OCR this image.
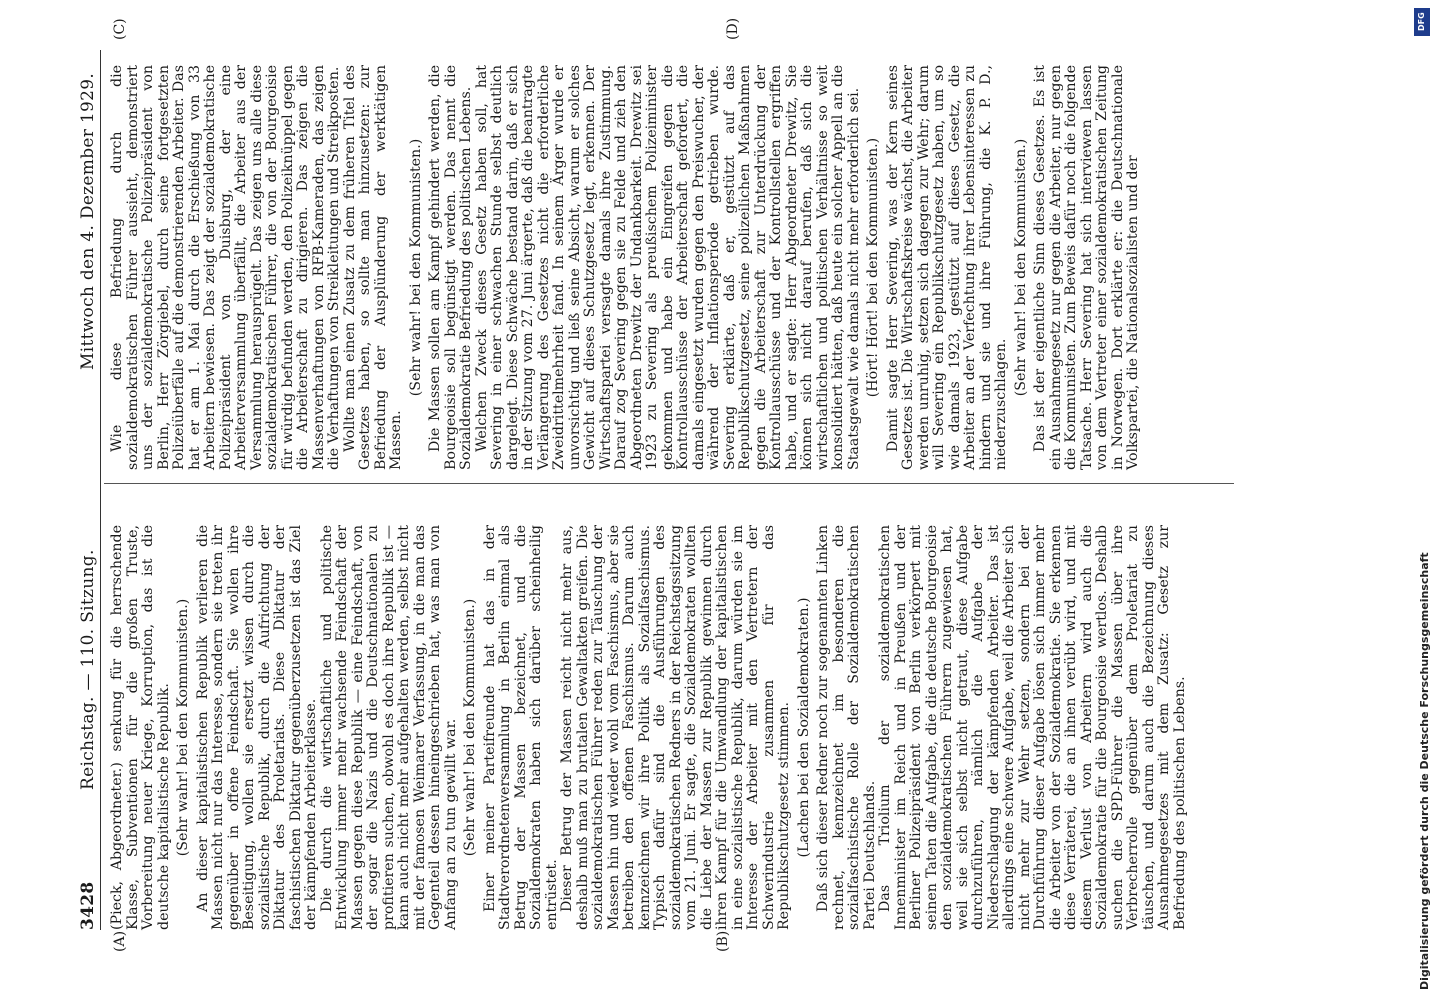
3428
Reichstag. — 110. Sitzung.
Mittwoch den 4. Dezember 1929.
(A)	(B)
(C)	(D)

(Pieck, Abgeordneter.) senkung für die herrschende Klasse, Subventionen für die großen Truste, Vorbereitung neuer Kriege, Korruption, das ist die deutsche kapitalistische Republik. (Sehr wahr! bei den Kommunisten.) An dieser kapitalistischen Republik verlieren die Massen nicht nur das Interesse, sondern sie treten ihr gegenüber in offene Feindschaft. Sie wollen ihre Beseitigung, wollen sie ersetzt wissen durch die sozialistische Republik, durch die Aufrichtung der Diktatur des Proletariats. Diese Diktatur der faschistischen Diktatur gegenüberzusetzen ist das Ziel der kämpfenden Arbeiterklasse. Die durch die wirtschaftliche und politische Entwicklung immer mehr wachsende Feindschaft der Massen gegen diese Republik — eine Feindschaft, von der sogar die Nazis und die Deutschnationalen zu profitieren suchen, obwohl es doch ihre Republik ist — kann auch nicht mehr aufgehalten werden, selbst nicht mit der famosen Weimarer Verfassung, in die man das Gegenteil dessen hineingeschrieben hat, was man von Anfang an zu tun gewillt war. (Sehr wahr! bei den Kommunisten.) Einer meiner Parteifreunde hat das in der Stadtverordnetenversammlung in Berlin einmal als Betrug der Massen bezeichnet, und die Sozialdemokraten haben sich darüber scheinheilig entrüstet. Dieser Betrug der Massen reicht nicht mehr aus, deshalb muß man zu brutalen Gewaltakten greifen. Die sozialdemokratischen Führer reden zur Täuschung der Massen hin und wieder wohl vom Faschismus, aber sie betreiben den offenen Faschismus. Darum auch kennzeichnen wir ihre Politik als Sozialfaschismus. Typisch dafür sind die Ausführungen des sozialdemokratischen Redners in der Reichstagssitzung vom 21. Juni. Er sagte, die Sozialdemokraten wollten die Liebe der Massen zur Republik gewinnen durch ihren Kampf für die Umwandlung der kapitalistischen in eine sozialistische Republik, darum würden sie im Interesse der Arbeiter mit den Vertretern der Schwerindustrie zusammen für das Republikschutzgesetz stimmen. (Lachen bei den Sozialdemokraten.) Daß sich dieser Redner noch zur sogenannten Linken rechnet, kennzeichnet im besonderen die sozialfaschistische Rolle der Sozialdemokratischen Partei Deutschlands. Das Triolium der sozialdemokratischen Innenminister im Reich und in Preußen und der Berliner Polizeipräsident von Berlin verkörpert mit seinen Taten die Aufgabe, die die deutsche Bourgeoisie den sozialdemokratischen Führern zugewiesen hat, weil sie sich selbst nicht getraut, diese Aufgabe durchzuführen, nämlich die Aufgabe der Niederschlagung der kämpfenden Arbeiter. Das ist allerdings eine schwere Aufgabe, weil die Arbeiter sich nicht mehr zur Wehr setzen, sondern bei der Durchführung dieser Aufgabe lösen sich immer mehr die Arbeiter von der Sozialdemokratie. Sie erkennen diese Verräterei, die an ihnen verübt wird, und mit diesem Verlust von Arbeitern wird auch die Sozialdemokratie für die Bourgeoisie wertlos. Deshalb suchen die SPD-Führer die Massen über ihre Verbrecherrolle gegenüber dem Proletariat zu täuschen, und darum auch die Bezeichnung dieses Ausnahmegesetzes mit dem Zusatz: Gesetz zur Befriedung des politischen Lebens.

Wie diese Befriedung durch die sozialdemokratischen Führer aussieht, demonstriert uns der sozialdemokratische Polizeipräsident von Berlin, Herr Zörgiebel, durch seine fortgesetzten Polizeiüberfälle auf die demonstrierenden Arbeiter. Das hat er am 1. Mai durch die Erschießung von 33 Arbeitern bewiesen. Das zeigt der sozialdemokratische Polizeipräsident von Duisburg, der eine Arbeiterversammlung überfällt, die Arbeiter aus der Versammlung herausprügelt. Das zeigen uns alle diese sozialdemokratischen Führer, die von der Bourgeoisie für würdig befunden werden, den Polizeiknüppel gegen die Arbeiterschaft zu dirigieren. Das zeigen die Massenverhaftungen von RFB-Kameraden, das zeigen die Verhaftungen von Streikleitungen und Streikposten. Wollte man einen Zusatz zu dem früheren Titel des Gesetzes haben, so sollte man hinzusetzen: zur Befriedung der Ausplünderung der werktätigen Massen.

(Sehr wahr! bei den Kommunisten.) Die Massen sollen am Kampf gehindert werden, die Bourgeoisie soll begünstigt werden. Das nennt die Sozialdemokratie Befriedung des politischen Lebens. Welchen Zweck dieses Gesetz haben soll, hat Severing in einer schwachen Stunde selbst deutlich dargelegt. Diese Schwäche bestand darin, daß er sich in der Sitzung vom 27. Juni ärgerte, daß die beantragte Verlängerung des Gesetzes nicht die erforderliche Zweidrittelmehrheit fand. In seinem Ärger wurde er unvorsichtig und ließ seine Absicht, warum er solches Gewicht auf dieses Schutzgesetz legt, erkennen. Der Wirtschaftspartei versagte damals ihre Zustimmung. Darauf zog Severing gegen sie zu Felde und zieh den Abgeordneten Drewitz der Undankbarkeit. Drewitz sei 1923 zu Severing als preußischem Polizeiminister gekommen und habe ein Eingreifen gegen die Kontrollausschüsse der Arbeiterschaft gefordert, die damals eingesetzt wurden gegen den Preiswucher, der während der Inflationsperiode getrieben wurde. Severing erklärte, daß er, gestützt auf das Republikschutzgesetz, seine polizeilichen Maßnahmen gegen die Arbeiterschaft zur Unterdrückung der Kontrollausschüsse und der Kontrollstellen ergriffen habe, und er sagte: Herr Abgeordneter Drewitz, Sie können sich nicht darauf berufen, daß sich die wirtschaftlichen und politischen Verhältnisse so weit konsolidiert hätten, daß heute ein solcher Appell an die Staatsgewalt wie damals nicht mehr erforderlich sei. (Hört! Hört! bei den Kommunisten.) Damit sagte Herr Severing, was der Kern seines Gesetzes ist. Die Wirtschaftskreise wächst, die Arbeiter werden unruhig, setzen sich dagegen zur Wehr; darum will Severing ein Republikschutzgesetz haben, um so wie damals 1923, gestützt auf dieses Gesetz, die Arbeiter an der Verfechtung ihrer Lebensinteressen zu hindern und sie und ihre Führung, die K. P. D., niederzuschlagen.

(Sehr wahr! bei den Kommunisten.) Das ist der eigentliche Sinn dieses Gesetzes. Es ist ein Ausnahmegesetz nur gegen die Arbeiter, nur gegen die Kommunisten. Zum Beweis dafür noch die folgende Tatsache. Herr Severing hat sich interviewen lassen von dem Vertreter einer sozialdemokratischen Zeitung in Norwegen. Dort erklärte er: die Deutschnationale Volkspartei, die Nationalsozialisten und der

DFG
Digitalisierung gefördert durch die Deutsche Forschungsgemeinschaft
